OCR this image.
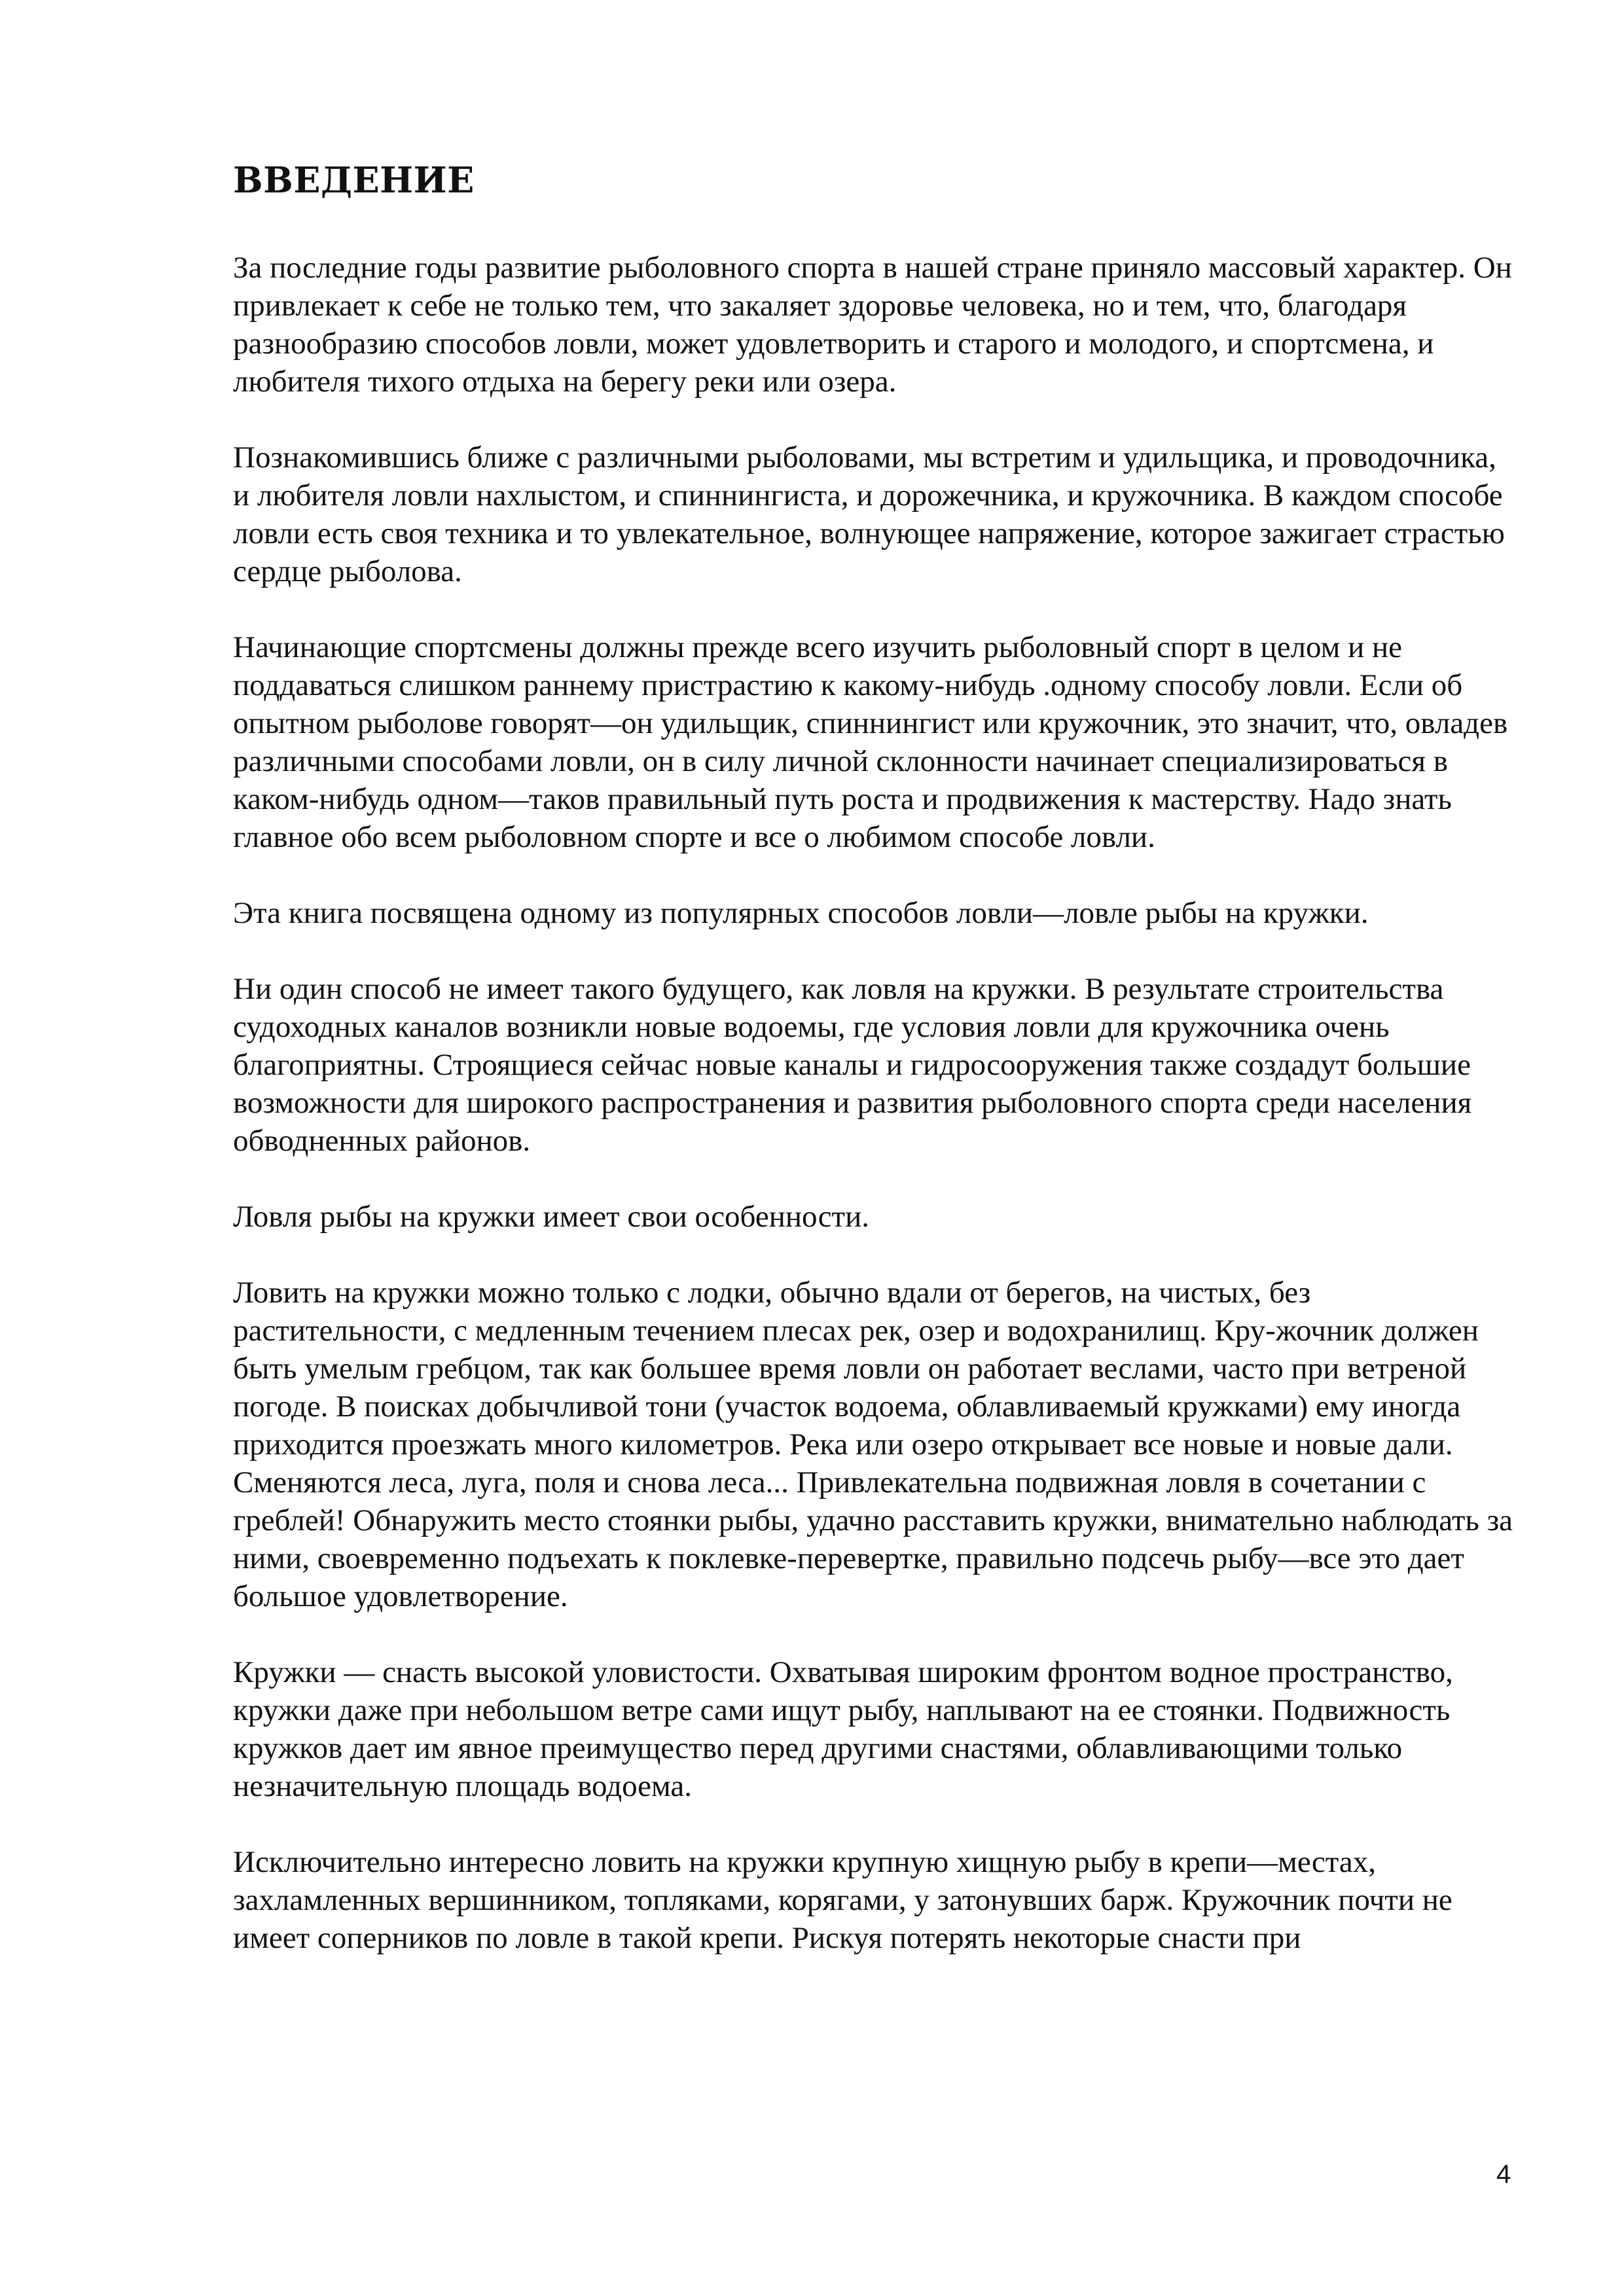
ВВЕДЕНИЕ

За последние годы развитие рыболовного спорта в нашей стране приняло массовый характер. Он привлекает к себе не только тем, что закаляет здоровье человека, но и тем, что, благодаря разнообразию способов ловли, может удовлетворить и старого и молодого, и спортсмена, и любителя тихого отдыха на берегу реки или озера.

Познакомившись ближе с различными рыболовами, мы встретим и удильщика, и проводочника, и любителя ловли нахлыстом, и спиннингиста, и дорожечника, и кружочника. В каждом способе ловли есть своя техника и то увлекательное, волнующее напряжение, которое зажигает страстью сердце рыболова.

Начинающие спортсмены должны прежде всего изучить рыболовный спорт в целом и не поддаваться слишком раннему пристрастию к какому-нибудь .одному способу ловли. Если об опытном рыболове говорят—он удильщик, спиннингист или кружочник, это значит, что, овладев различными способами ловли, он в силу личной склонности начинает специализироваться в каком-нибудь одном—таков правильный путь роста и продвижения к мастерству. Надо знать главное обо всем рыболовном спорте и все о любимом способе ловли.

Эта книга посвящена одному из популярных способов ловли—ловле рыбы на кружки.

Ни один способ не имеет такого будущего, как ловля на кружки. В результате строительства судоходных каналов возникли новые водоемы, где условия ловли для кружочника очень благоприятны. Строящиеся сейчас новые каналы и гидросооружения также создадут большие возможности для широкого распространения и развития рыболовного спорта среди населения обводненных районов.

Ловля рыбы на кружки имеет свои особенности.

Ловить на кружки можно только с лодки, обычно вдали от берегов, на чистых, без растительности, с медленным течением плесах рек, озер и водохранилищ. Кру-жочник должен быть умелым гребцом, так как большее время ловли он работает веслами, часто при ветреной погоде. В поисках добычливой тони (участок водоема, облавливаемый кружками) ему иногда приходится проезжать много километров. Река или озеро открывает все новые и новые дали. Сменяются леса, луга, поля и снова леса... Привлекательна подвижная ловля в сочетании с греблей! Обнаружить место стоянки рыбы, удачно расставить кружки, внимательно наблюдать за ними, своевременно подъехать к поклевке-перевертке, правильно подсечь рыбу—все это дает большое удовлетворение.

Кружки — снасть высокой уловистости. Охватывая широким фронтом водное пространство, кружки даже при небольшом ветре сами ищут рыбу, наплывают на ее стоянки. Подвижность кружков дает им явное преимущество перед другими снастями, облавливающими только незначительную площадь водоема.

Исключительно интересно ловить на кружки крупную хищную рыбу в крепи—местах, захламленных вершинником, топляками, корягами, у затонувших барж. Кружочник почти не имеет соперников по ловле в такой крепи. Рискуя потерять некоторые снасти при

4
